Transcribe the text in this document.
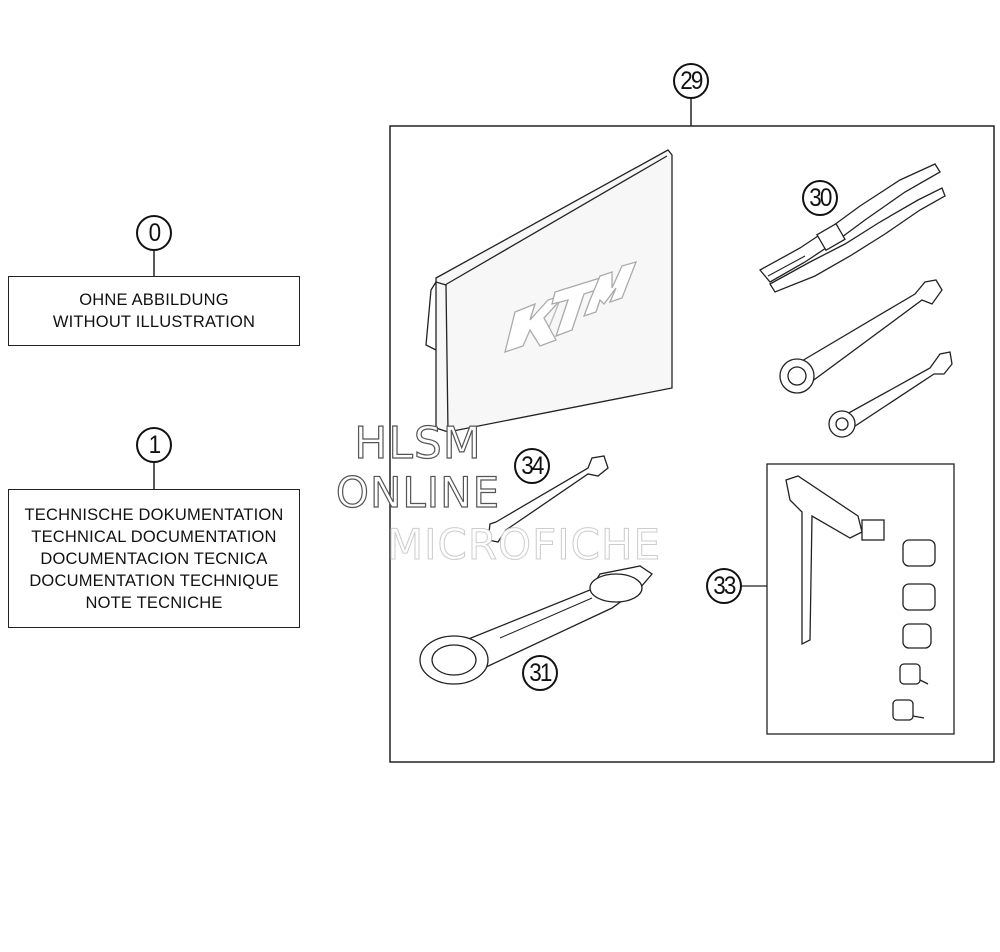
0
1
29
30
31
33
34
OHNE ABBILDUNG
WITHOUT ILLUSTRATION
TECHNISCHE DOKUMENTATION
TECHNICAL DOCUMENTATION
DOCUMENTACION TECNICA
DOCUMENTATION TECHNIQUE
NOTE TECNICHE
HLSM
ONLINE
MICROFICHE
